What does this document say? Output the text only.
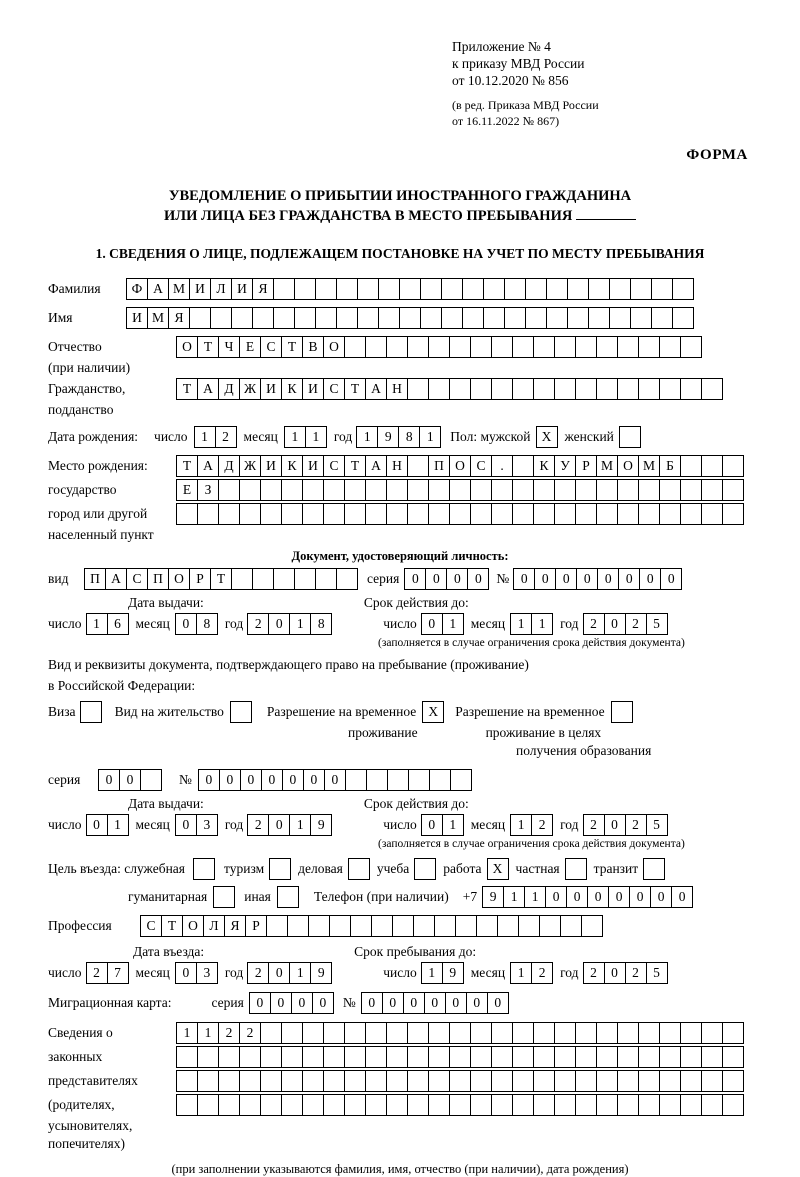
Приложение № 4
к приказу МВД России
от 10.12.2020 № 856
(в ред. Приказа МВД России
от 16.11.2022 № 867)
ФОРМА
УВЕДОМЛЕНИЕ О ПРИБЫТИИ ИНОСТРАННОГО ГРАЖДАНИНА
ИЛИ ЛИЦА БЕЗ ГРАЖДАНСТВА В МЕСТО ПРЕБЫВАНИЯ
1. СВЕДЕНИЯ О ЛИЦЕ, ПОДЛЕЖАЩЕМ ПОСТАНОВКЕ НА УЧЕТ ПО МЕСТУ ПРЕБЫВАНИЯ
Фамилия	Ф А М И Л И Я
Имя	И М Я
Отчество	О Т Ч Е С Т В О
(при наличии)
Гражданство,	Т А Д Ж И К И С Т А Н
подданство
Дата рождения: число	1	2	месяц	1	1	год 1	9	8	1	Пол: мужской Х женский
Место рождения:	Т А Д Ж И К И С Т А Н	П О С	.	К У Р М О М Б
государство	Е З
город или другой
населенный пункт
Документ, удостоверяющий личность:
вид	П А С П О Р Т	серия 0	0	0	0	№ 0	0	0	0	0	0	0	0
Дата выдачи:	Срок действия до:
число 1	6	месяц 0	8	год 2	0	1	8	число 0	1	месяц 1	1	год 2	0	2	5
(заполняется в случае ограничения срока действия документа)
Вид и реквизиты документа, подтверждающего право на пребывание (проживание)
в Российской Федерации:
Виза	Вид на жительство	Разрешение на временное Х	Разрешение на временное
проживание	проживание в целях
получения образования
серия	0	0	№	0	0	0	0	0	0	0
Дата выдачи:	Срок действия до:
число 0	1	месяц 0	3	год 2	0	1	9	число 0	1	месяц 1	2	год 2	0	2	5
(заполняется в случае ограничения срока действия документа)
Цель въезда: служебная	туризм	деловая	учеба	работа Х частная	транзит
гуманитарная	иная	Телефон (при наличии) +7 9	1	1	0	0	0	0	0	0	0
Профессия	С Т О Л Я Р
Дата въезда:	Срок пребывания до:
число 2	7	месяц 0	3	год 2	0	1	9	число 1	9	месяц 1	2	год 2	0	2	5
Миграционная карта:	серия 0	0	0	0	№ 0	0	0	0	0	0	0
Сведения о	1	1	2	2
законных
представителях
(родителях,
усыновителях,
попечителях)
(при заполнении указываются фамилия, имя, отчество (при наличии), дата рождения)
